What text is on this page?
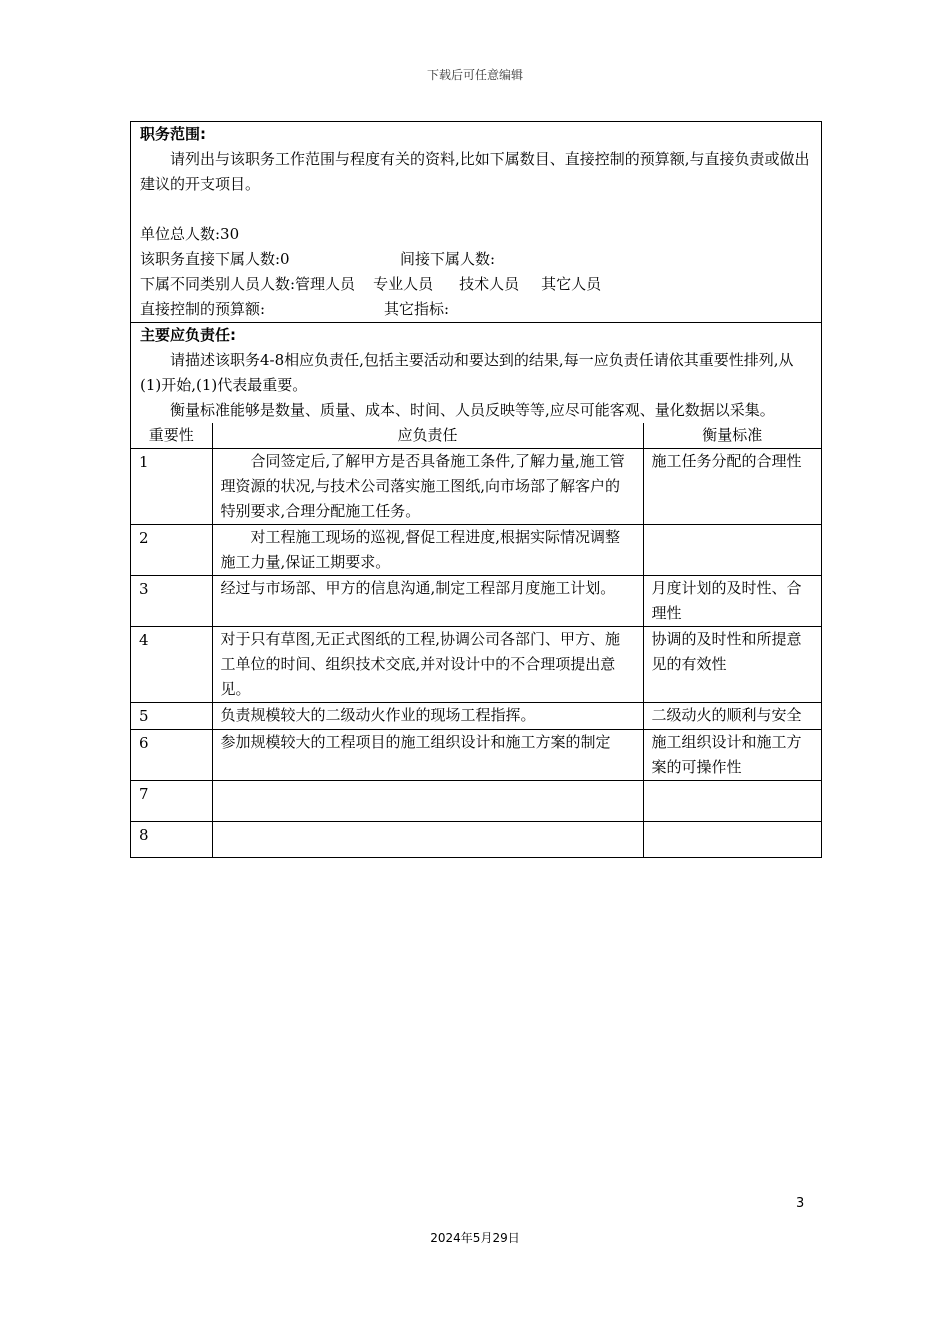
下载后可任意编辑
职务范围:
请列出与该职务工作范围与程度有关的资料,比如下属数目、直接控制的预算额,与直接负责或做出建议的开支项目。
单位总人数:30
该职务直接下属人数:0	间接下属人数:
下属不同类别人员人数:管理人员 专业人员 技术人员 其它人员
直接控制的预算额:	其它指标:
主要应负责任:
请描述该职务4-8相应负责任,包括主要活动和要达到的结果,每一应负责任请依其重要性排列,从(1)开始,(1)代表最重要。
衡量标准能够是数量、质量、成本、时间、人员反映等等,应尽可能客观、量化数据以采集。
重要性	应负责任	衡量标准
1	合同签定后,了解甲方是否具备施工条件,了解力量,施工管理资源的状况,与技术公司落实施工图纸,向市场部了解客户的特别要求,合理分配施工任务。	施工任务分配的合理性
2	对工程施工现场的巡视,督促工程进度,根据实际情况调整施工力量,保证工期要求。	
3	经过与市场部、甲方的信息沟通,制定工程部月度施工计划。	月度计划的及时性、合理性
4	对于只有草图,无正式图纸的工程,协调公司各部门、甲方、施工单位的时间、组织技术交底,并对设计中的不合理项提出意见。	协调的及时性和所提意见的有效性
5	负责规模较大的二级动火作业的现场工程指挥。	二级动火的顺利与安全
6	参加规模较大的工程项目的施工组织设计和施工方案的制定	施工组织设计和施工方案的可操作性
7		
8		
3
2024年5月29日
